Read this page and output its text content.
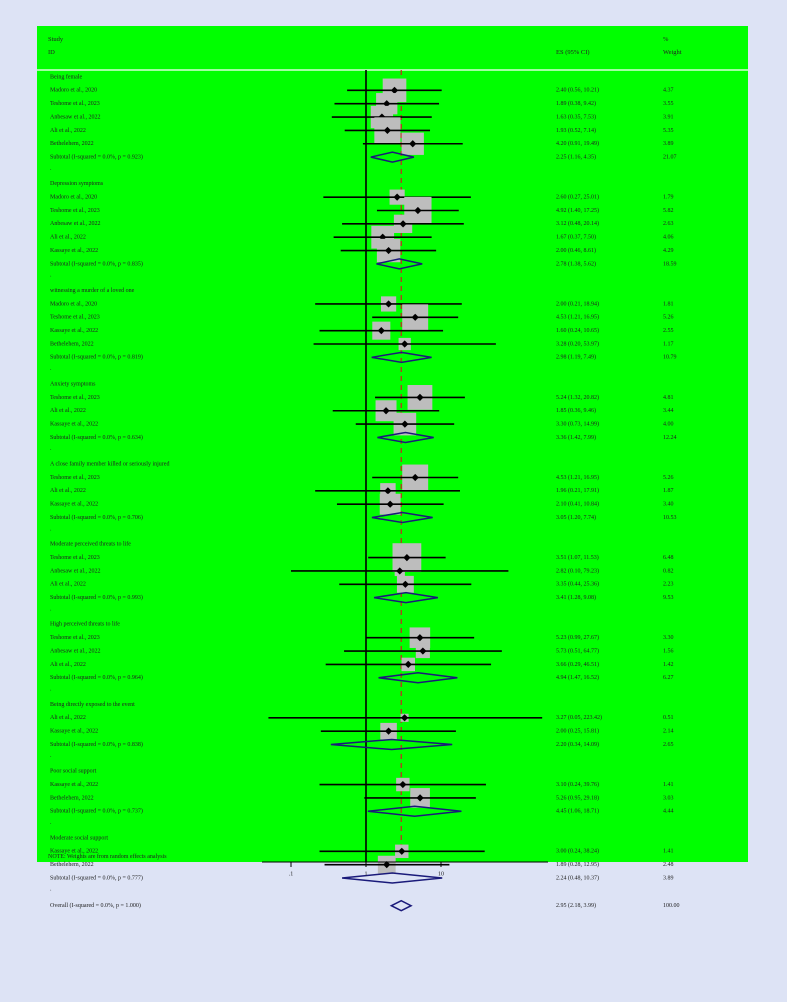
Study
ID
%
ES (95% CI)	Weight
Being female
Madoro et al., 2020	2.40 (0.56, 10.21)	4.37
Teshome et al., 2023	1.89 (0.38, 9.42)	3.55
Anbesaw et al., 2022	1.63 (0.35, 7.53)	3.91
Ali et al., 2022	1.93 (0.52, 7.14)	5.35
Bethelehem, 2022	4.20 (0.91, 19.49)	3.89
Subtotal (I-squared = 0.0%, p = 0.923)	2.25 (1.16, 4.35)	21.07
.
Depression symptoms
Madoro et al., 2020	2.60 (0.27, 25.01)	1.79
Teshome et al., 2023	4.92 (1.40, 17.25)	5.82
Anbesaw et al., 2022	3.12 (0.48, 20.14)	2.63
Ali et al., 2022	1.67 (0.37, 7.50)	4.06
Kassaye et al., 2022	2.00 (0.46, 8.61)	4.29
Subtotal (I-squared = 0.0%, p = 0.835)	2.78 (1.38, 5.62)	18.59
.
witnessing a murder of a loved one
Madoro et al., 2020	2.00 (0.21, 18.94)	1.81
Teshome et al., 2023	4.53 (1.21, 16.95)	5.26
Kassaye et al., 2022	1.60 (0.24, 10.65)	2.55
Bethelehem, 2022	3.28 (0.20, 53.97)	1.17
Subtotal (I-squared = 0.0%, p = 0.819)	2.98 (1.19, 7.49)	10.79
.
Anxiety symptoms
Teshome et al., 2023	5.24 (1.32, 20.82)	4.81
Ali et al., 2022	1.85 (0.36, 9.46)	3.44
Kassaye et al., 2022	3.30 (0.73, 14.99)	4.00
Subtotal (I-squared = 0.0%, p = 0.634)	3.36 (1.42, 7.99)	12.24
.
A close family member killed or seriously injured
Teshome et al., 2023	4.53 (1.21, 16.95)	5.26
Ali et al., 2022	1.96 (0.21, 17.91)	1.87
Kassaye et al., 2022	2.10 (0.41, 10.84)	3.40
Subtotal (I-squared = 0.0%, p = 0.706)	3.05 (1.20, 7.74)	10.53
.
Moderate perceived threats to life
Teshome et al., 2023	3.51 (1.07, 11.53)	6.48
Anbesaw et al., 2022	2.82 (0.10, 79.23)	0.82
Ali et al., 2022	3.35 (0.44, 25.36)	2.23
Subtotal (I-squared = 0.0%, p = 0.993)	3.41 (1.28, 9.08)	9.53
.
High perceived threats to life
Teshome et al., 2023	5.23 (0.99, 27.67)	3.30
Anbesaw et al., 2022	5.73 (0.51, 64.77)	1.56
Ali et al., 2022	3.66 (0.29, 46.51)	1.42
Subtotal (I-squared = 0.0%, p = 0.964)	4.94 (1.47, 16.52)	6.27
.
Being directly exposed to the event
Ali et al., 2022	3.27 (0.05, 223.42)	0.51
Kassaye et al., 2022	2.00 (0.25, 15.81)	2.14
Subtotal (I-squared = 0.0%, p = 0.838)	2.20 (0.34, 14.09)	2.65
.
Poor social support
Kassaye et al., 2022	3.10 (0.24, 39.76)	1.41
Bethelehem, 2022	5.26 (0.95, 29.18)	3.03
Subtotal (I-squared = 0.0%, p = 0.737)	4.45 (1.06, 18.71)	4.44
.
Moderate social support
Kassaye et al., 2022	3.00 (0.24, 38.24)	1.41
Bethelehem, 2022	1.89 (0.28, 12.95)	2.48
Subtotal (I-squared = 0.0%, p = 0.777)	2.24 (0.48, 10.37)	3.89
.
Overall (I-squared = 0.0%, p = 1.000)	2.95 (2.18, 3.99)	100.00
NOTE: Weights are from random effects analysis
.1	1	10
